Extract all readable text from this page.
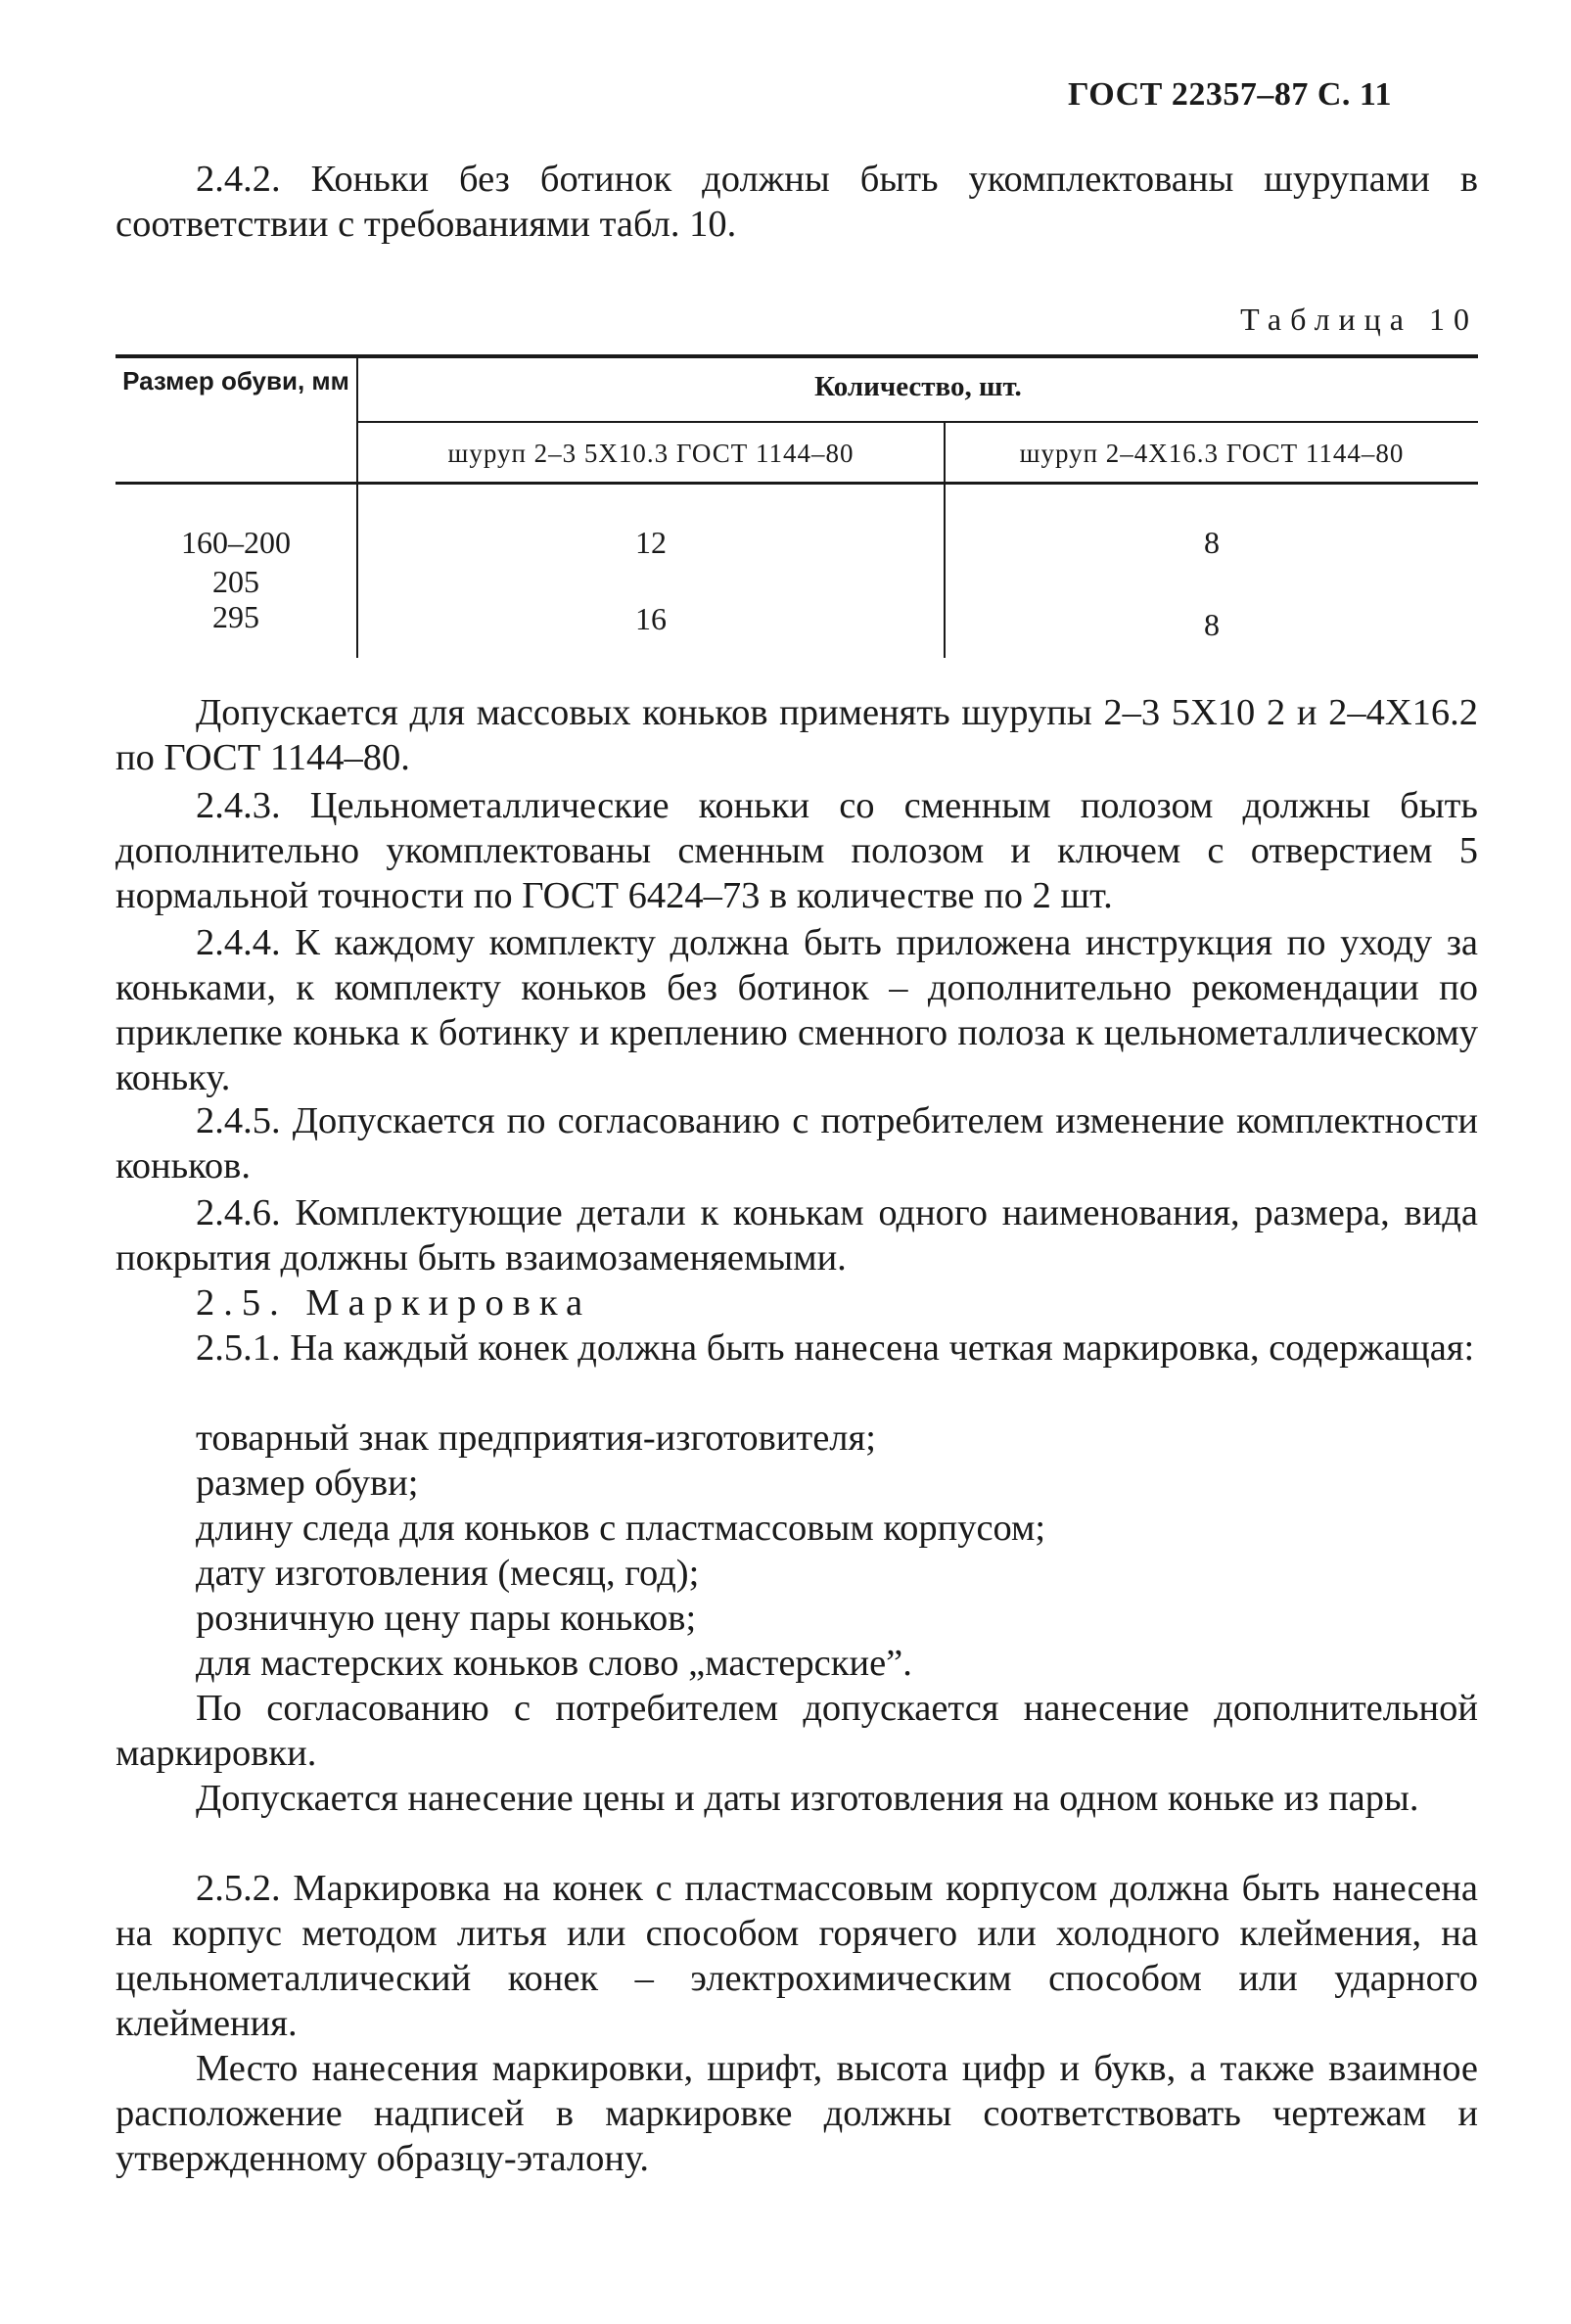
ГОСТ 22357–87 С. 11

2.4.2. Коньки без ботинок должны быть укомплектованы шурупами в соответствии с требованиями табл. 10.

Таблица 10
Размер обуви, мм	Количество, шт.
шуруп 2–3 5Х10.3 ГОСТ 1144–80	шуруп 2–4Х16.3 ГОСТ 1144–80
160–200	12	8
205
295	16	8

Допускается для массовых коньков применять шурупы 2–3 5Х10 2 и 2–4Х16.2 по ГОСТ 1144–80.

2.4.3. Цельнометаллические коньки со сменным полозом должны быть дополнительно укомплектованы сменным полозом и ключем с отверстием 5 нормальной точности по ГОСТ 6424–73 в количестве по 2 шт.

2.4.4. К каждому комплекту должна быть приложена инструкция по уходу за коньками, к комплекту коньков без ботинок – дополнительно рекомендации по приклепке конька к ботинку и креплению сменного полоза к цельнометаллическому коньку.

2.4.5. Допускается по согласованию с потребителем изменение комплектности коньков.

2.4.6. Комплектующие детали к конькам одного наименования, размера, вида покрытия должны быть взаимозаменяемыми.

2.5. Маркировка

2.5.1. На каждый конек должна быть нанесена четкая маркировка, содержащая:

товарный знак предприятия-изготовителя;
размер обуви;
длину следа для коньков с пластмассовым корпусом;
дату изготовления (месяц, год);
розничную цену пары коньков;
для мастерских коньков слово „мастерские”.

По согласованию с потребителем допускается нанесение дополнительной маркировки.

Допускается нанесение цены и даты изготовления на одном коньке из пары.

2.5.2. Маркировка на конек с пластмассовым корпусом должна быть нанесена на корпус методом литья или способом горячего или холодного клеймения, на цельнометаллический конек – электрохимическим способом или ударного клеймения.

Место нанесения маркировки, шрифт, высота цифр и букв, а также взаимное расположение надписей в маркировке должны соответствовать чертежам и утвержденному образцу-эталону.
